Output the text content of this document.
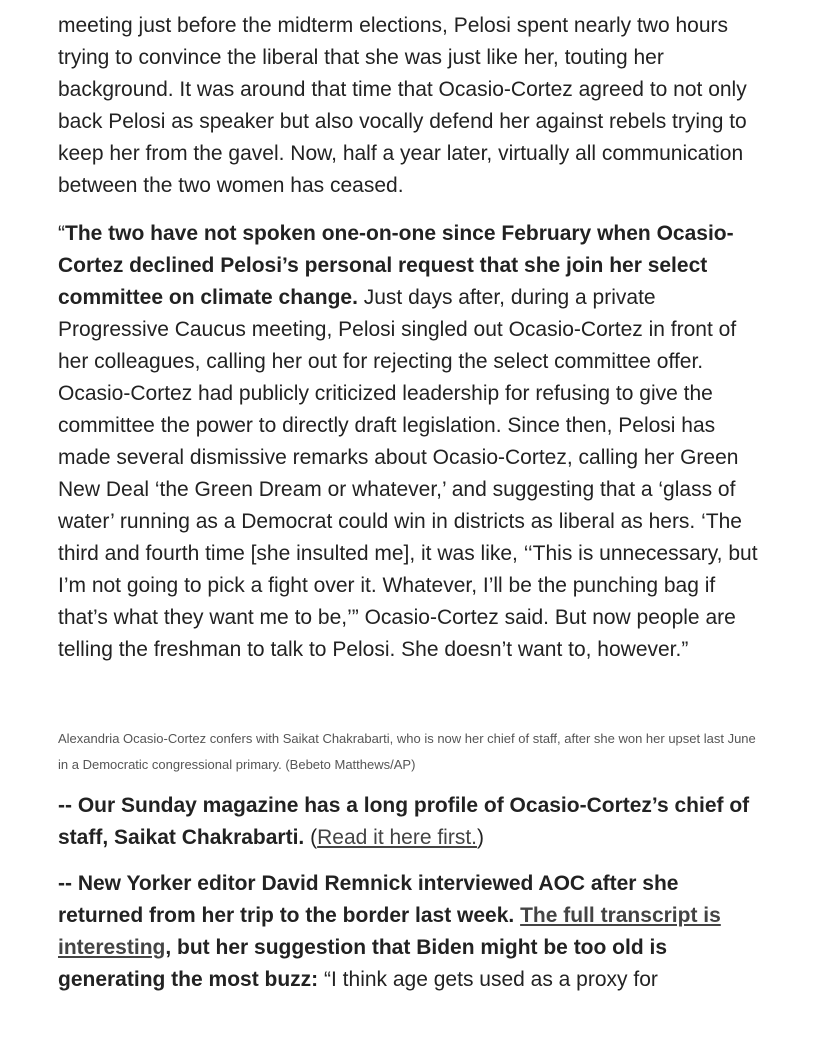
meeting just before the midterm elections, Pelosi spent nearly two hours trying to convince the liberal that she was just like her, touting her background. It was around that time that Ocasio-Cortez agreed to not only back Pelosi as speaker but also vocally defend her against rebels trying to keep her from the gavel. Now, half a year later, virtually all communication between the two women has ceased.

“The two have not spoken one-on-one since February when Ocasio-Cortez declined Pelosi’s personal request that she join her select committee on climate change. Just days after, during a private Progressive Caucus meeting, Pelosi singled out Ocasio-Cortez in front of her colleagues, calling her out for rejecting the select committee offer. Ocasio-Cortez had publicly criticized leadership for refusing to give the committee the power to directly draft legislation. Since then, Pelosi has made several dismissive remarks about Ocasio-Cortez, calling her Green New Deal ‘the Green Dream or whatever,’ and suggesting that a ‘glass of water’ running as a Democrat could win in districts as liberal as hers. ‘The third and fourth time [she insulted me], it was like, ‘‘This is unnecessary, but I’m not going to pick a fight over it. Whatever, I’ll be the punching bag if that’s what they want me to be,’” Ocasio-Cortez said. But now people are telling the freshman to talk to Pelosi. She doesn’t want to, however.”

Alexandria Ocasio-Cortez confers with Saikat Chakrabarti, who is now her chief of staff, after she won her upset last June in a Democratic congressional primary. (Bebeto Matthews/AP)

-- Our Sunday magazine has a long profile of Ocasio-Cortez’s chief of staff, Saikat Chakrabarti. (Read it here first.)

-- New Yorker editor David Remnick interviewed AOC after she returned from her trip to the border last week. The full transcript is interesting, but her suggestion that Biden might be too old is generating the most buzz: “I think age gets used as a proxy for
